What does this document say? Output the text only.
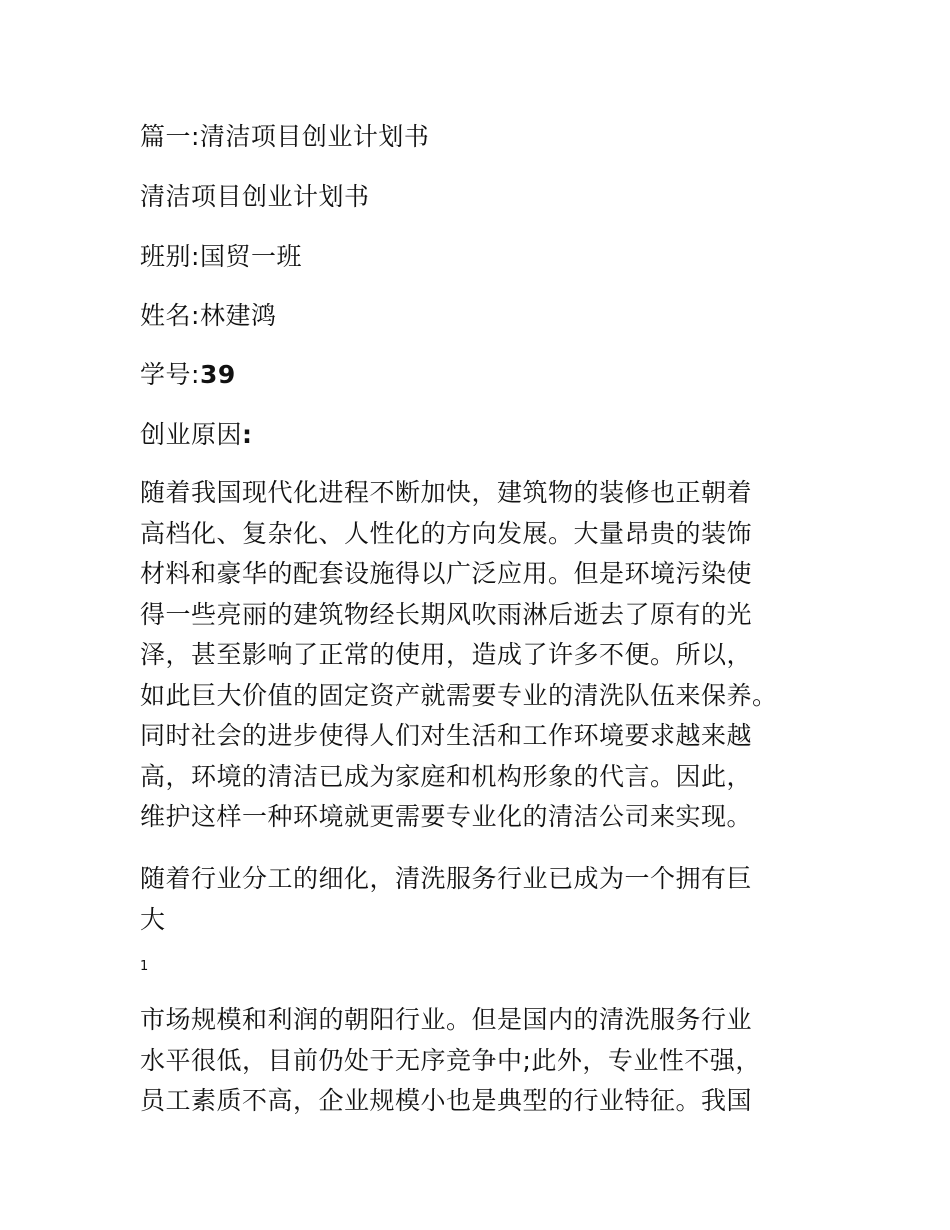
篇一:清洁项目创业计划书
清洁项目创业计划书
班别:国贸一班
姓名:林建鸿
学号:39
创业原因:
随着我国现代化进程不断加快，建筑物的装修也正朝着
高档化、复杂化、人性化的方向发展。大量昂贵的装饰
材料和豪华的配套设施得以广泛应用。但是环境污染使
得一些亮丽的建筑物经长期风吹雨淋后逝去了原有的光
泽，甚至影响了正常的使用，造成了许多不便。所以，
如此巨大价值的固定资产就需要专业的清洗队伍来保养。
同时社会的进步使得人们对生活和工作环境要求越来越
高，环境的清洁已成为家庭和机构形象的代言。因此，
维护这样一种环境就更需要专业化的清洁公司来实现。
随着行业分工的细化，清洗服务行业已成为一个拥有巨
大
1
市场规模和利润的朝阳行业。但是国内的清洗服务行业
水平很低，目前仍处于无序竞争中;此外，专业性不强，
员工素质不高，企业规模小也是典型的行业特征。我国
